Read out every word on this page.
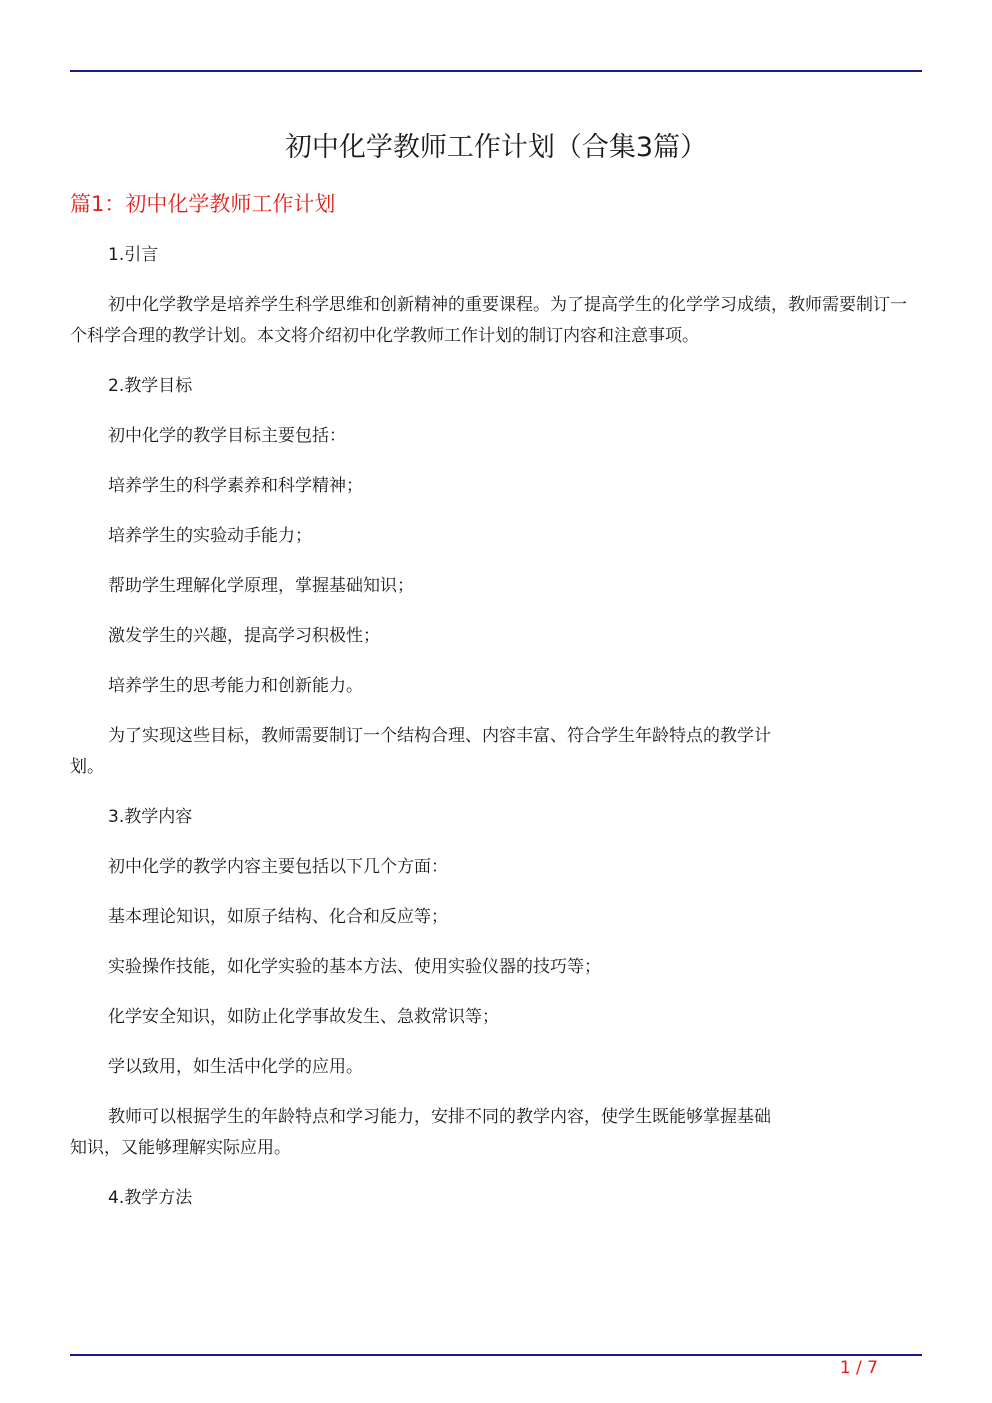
初中化学教师工作计划（合集3篇）
篇1：初中化学教师工作计划

1.引言

初中化学教学是培养学生科学思维和创新精神的重要课程。为了提高学生的化学学习成绩，教师需要制订一个科学合理的教学计划。本文将介绍初中化学教师工作计划的制订内容和注意事项。

2.教学目标

初中化学的教学目标主要包括：

培养学生的科学素养和科学精神；

培养学生的实验动手能力；

帮助学生理解化学原理，掌握基础知识；

激发学生的兴趣，提高学习积极性；

培养学生的思考能力和创新能力。

为了实现这些目标，教师需要制订一个结构合理、内容丰富、符合学生年龄特点的教学计划。

3.教学内容

初中化学的教学内容主要包括以下几个方面：

基本理论知识，如原子结构、化合和反应等；

实验操作技能，如化学实验的基本方法、使用实验仪器的技巧等；

化学安全知识，如防止化学事故发生、急救常识等；

学以致用，如生活中化学的应用。

教师可以根据学生的年龄特点和学习能力，安排不同的教学内容，使学生既能够掌握基础知识，又能够理解实际应用。

4.教学方法

1 / 7
